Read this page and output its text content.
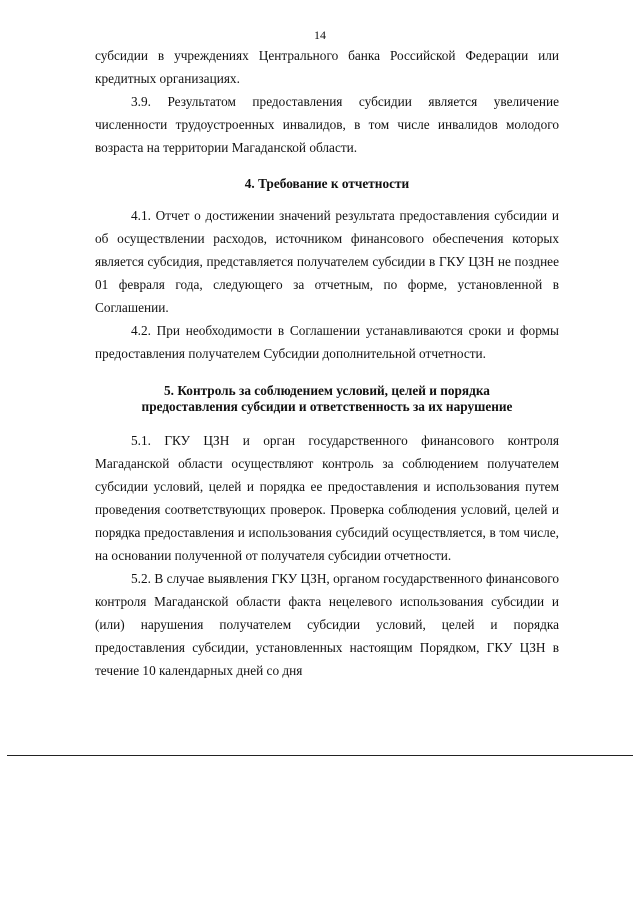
14

субсидии в учреждениях Центрального банка Российской Федерации или кредитных организациях.

3.9. Результатом предоставления субсидии является увеличение численности трудоустроенных инвалидов, в том числе инвалидов молодого возраста на территории Магаданской области.

4. Требование к отчетности

4.1. Отчет о достижении значений результата предоставления субсидии и об осуществлении расходов, источником финансового обеспечения которых является субсидия, представляется получателем субсидии в ГКУ ЦЗН не позднее 01 февраля года, следующего за отчетным, по форме, установленной в Соглашении.

4.2. При необходимости в Соглашении устанавливаются сроки и формы предоставления получателем Субсидии дополнительной отчетности.

5. Контроль за соблюдением условий, целей и порядка
предоставления субсидии и ответственность за их нарушение

5.1. ГКУ ЦЗН и орган государственного финансового контроля Магаданской области осуществляют контроль за соблюдением получателем субсидии условий, целей и порядка ее предоставления и использования путем проведения соответствующих проверок. Проверка соблюдения условий, целей и порядка предоставления и использования субсидий осуществляется, в том числе, на основании полученной от получателя субсидии отчетности.

5.2. В случае выявления ГКУ ЦЗН, органом государственного финансового контроля Магаданской области факта нецелевого использования субсидии и (или) нарушения получателем субсидии условий, целей и порядка предоставления субсидии, установленных настоящим Порядком, ГКУ ЦЗН в течение 10 календарных дней со дня
